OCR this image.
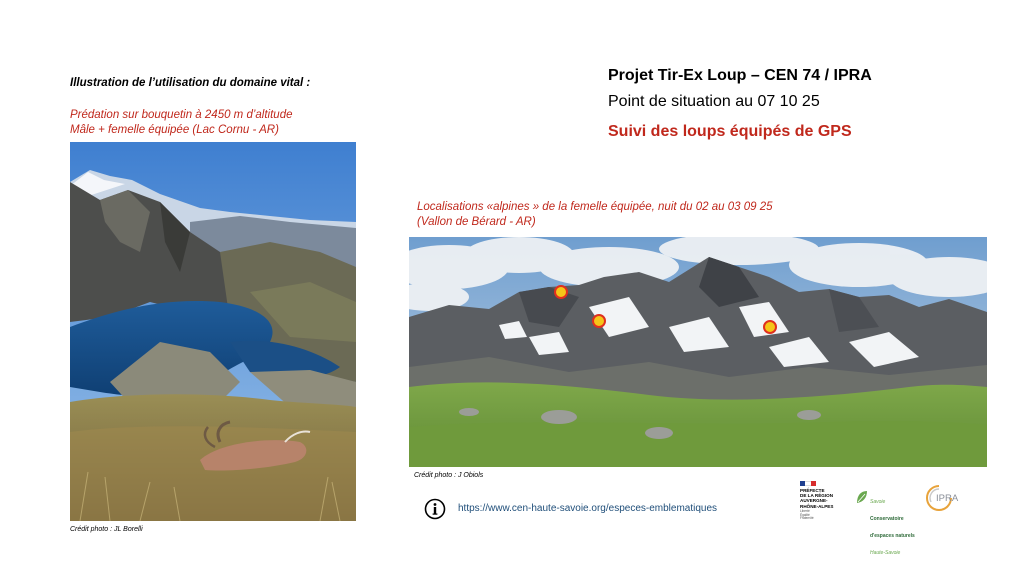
Illustration de l’utilisation du domaine vital :
Prédation sur bouquetin à 2450 m d’altitude
Mâle + femelle équipée (Lac Cornu - AR)
Crédit photo : JL Borelli
Projet Tir-Ex Loup – CEN 74 / IPRA
Point de situation au 07 10 25
Suivi des loups équipés de GPS
Localisations «alpines » de la femelle équipée, nuit du 02 au 03 09 25
(Vallon de Bérard - AR)
Crédit photo : J Obiols
https://www.cen-haute-savoie.org/especes-emblematiques
PRÉFECTE
DE LA RÉGION
AUVERGNE-
RHÔNE-ALPES
Liberté
Égalité
Fraternité

Savoie

Conservatoire

d'espaces naturels

Haute-Savoie

IPRA
